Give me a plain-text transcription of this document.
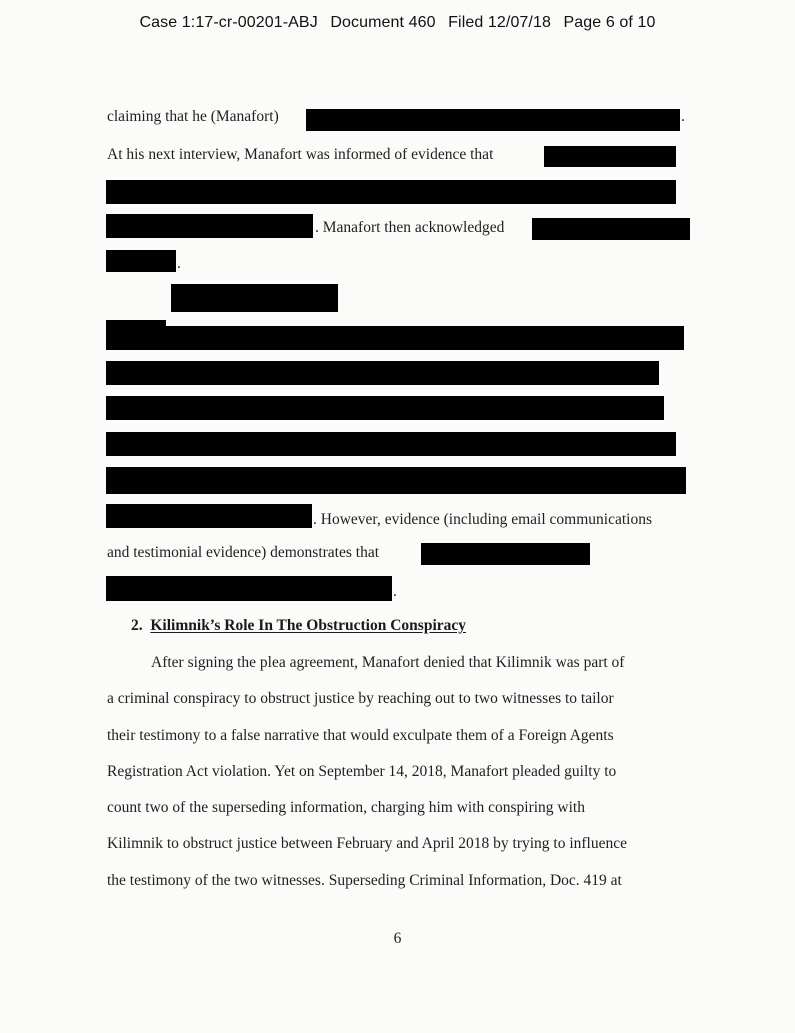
Case 1:17-cr-00201-ABJ Document 460 Filed 12/07/18 Page 6 of 10
claiming that he (Manafort)	.
At his next interview, Manafort was informed of evidence that
. Manafort then acknowledged
.
. However, evidence (including email communications
and testimonial evidence) demonstrates that
.
2. Kilimnik’s Role In The Obstruction Conspiracy
After signing the plea agreement, Manafort denied that Kilimnik was part of
a criminal conspiracy to obstruct justice by reaching out to two witnesses to tailor
their testimony to a false narrative that would exculpate them of a Foreign Agents
Registration Act violation. Yet on September 14, 2018, Manafort pleaded guilty to
count two of the superseding information, charging him with conspiring with
Kilimnik to obstruct justice between February and April 2018 by trying to influence
the testimony of the two witnesses. Superseding Criminal Information, Doc. 419 at
6
